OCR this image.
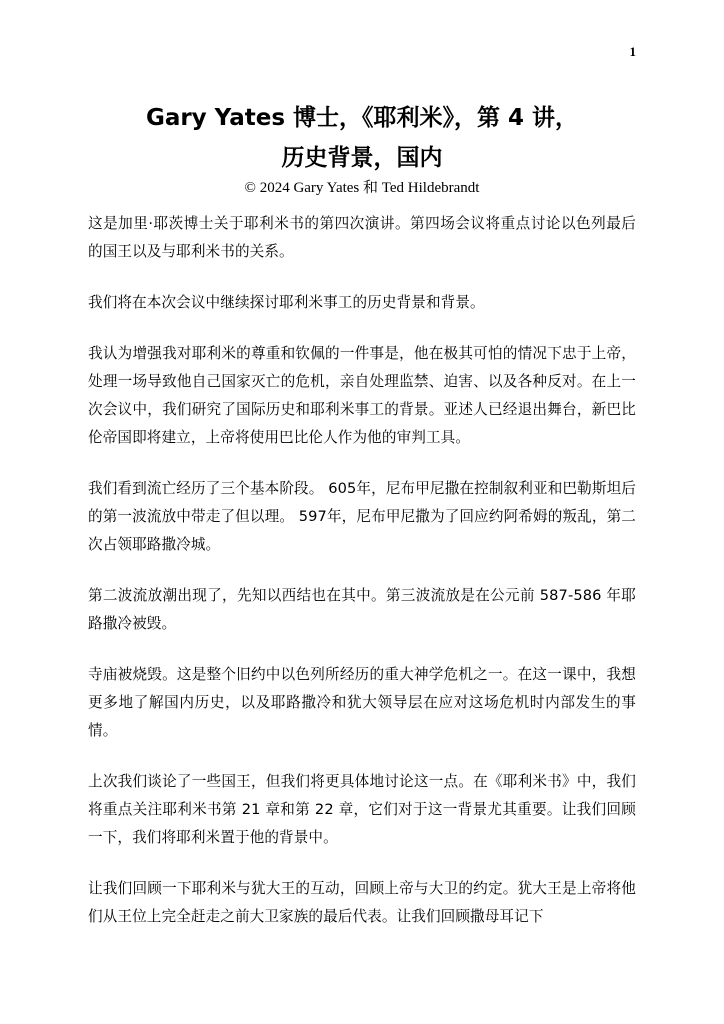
1
Gary Yates 博士，《耶利米》，第 4 讲，
历史背景，国内
© 2024 Gary Yates 和 Ted Hildebrandt

这是加里·耶茨博士关于耶利米书的第四次演讲。第四场会议将重点讨论以色列最后的国王以及与耶利米书的关系。

我们将在本次会议中继续探讨耶利米事工的历史背景和背景。

我认为增强我对耶利米的尊重和钦佩的一件事是，他在极其可怕的情况下忠于上帝，处理一场导致他自己国家灭亡的危机，亲自处理监禁、迫害、以及各种反对。在上一次会议中，我们研究了国际历史和耶利米事工的背景。亚述人已经退出舞台，新巴比伦帝国即将建立，上帝将使用巴比伦人作为他的审判工具。

我们看到流亡经历了三个基本阶段。 605年，尼布甲尼撒在控制叙利亚和巴勒斯坦后的第一波流放中带走了但以理。 597年，尼布甲尼撒为了回应约阿希姆的叛乱，第二次占领耶路撒冷城。

第二波流放潮出现了，先知以西结也在其中。第三波流放是在公元前 587-586 年耶路撒冷被毁。

寺庙被烧毁。这是整个旧约中以色列所经历的重大神学危机之一。在这一课中，我想更多地了解国内历史，以及耶路撒冷和犹大领导层在应对这场危机时内部发生的事情。

上次我们谈论了一些国王，但我们将更具体地讨论这一点。在《耶利米书》中，我们将重点关注耶利米书第 21 章和第 22 章，它们对于这一背景尤其重要。让我们回顾一下，我们将耶利米置于他的背景中。

让我们回顾一下耶利米与犹大王的互动，回顾上帝与大卫的约定。犹大王是上帝将他们从王位上完全赶走之前大卫家族的最后代表。让我们回顾撒母耳记下
